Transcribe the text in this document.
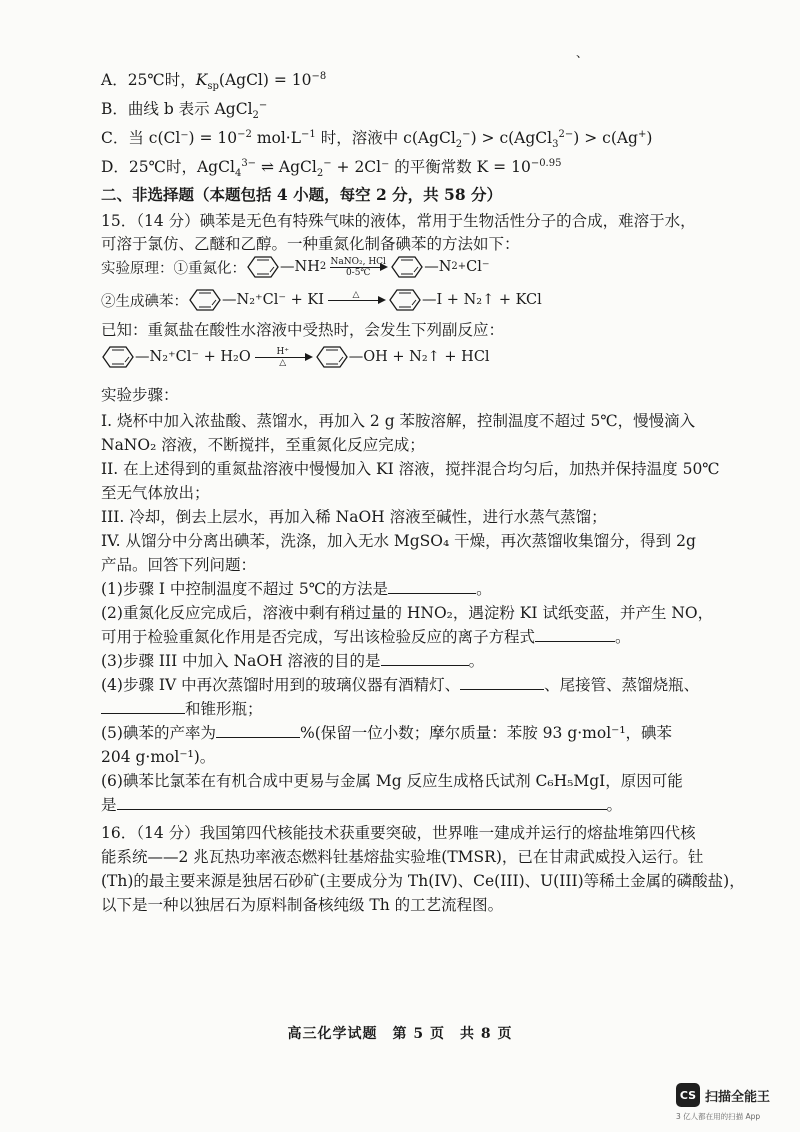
、
A．25℃时，$K_{sp}(AgCl) = 10^{-8}$
B．曲线 b 表示 AgCl$_2$−
C．当 $c(Cl^-) = 10^{-2}$ $mol\cdot L^{-1}$ 时，溶液中 c(AgCl$_2$−) > c(AgCl$_3^{2-}$) > c(Ag+)
D．25℃时，AgCl$_4^{3-}$ ⇌ AgCl$_2$− + 2Cl⁻ 的平衡常数 $K = 10^{-0.95}$
二、非选择题（本题包括 4 小题，每空 2 分，共 58 分）
15．（14 分）碘苯是无色有特殊气味的液体，常用于生物活性分子的合成，难溶于水，
可溶于氯仿、乙醚和乙醇。一种重氮化制备碘苯的方法如下：
实验原理：①重氮化： —NH 2 NaNO₂, HCl
0-5℃	—N 2 + Cl⁻
②生成碘苯： —N₂⁺Cl⁻ + KI	△
	—I + N₂↑ + KCl
已知：重氮盐在酸性水溶液中受热时，会发生下列副反应：
—N₂⁺Cl⁻ + H₂O	H⁺
△	—OH + N₂↑ + HCl
实验步骤：
I. 烧杯中加入浓盐酸、蒸馏水，再加入 2 g 苯胺溶解，控制温度不超过 5℃，慢慢滴入
NaNO₂ 溶液，不断搅拌，至重氮化反应完成；
II. 在上述得到的重氮盐溶液中慢慢加入 KI 溶液，搅拌混合均匀后，加热并保持温度 50℃
至无气体放出；
III. 冷却，倒去上层水，再加入稀 NaOH 溶液至碱性，进行水蒸气蒸馏；
IV. 从馏分中分离出碘苯，洗涤，加入无水 MgSO₄ 干燥，再次蒸馏收集馏分，得到 2g
产品。回答下列问题：
(1)步骤 I 中控制温度不超过 5℃的方法是	。
(2)重氮化反应完成后，溶液中剩有稍过量的 HNO₂，遇淀粉 KI 试纸变蓝，并产生 NO，
可用于检验重氮化作用是否完成，写出该检验反应的离子方程式	。
(3)步骤 III 中加入 NaOH 溶液的目的是	。
(4)步骤 IV 中再次蒸馏时用到的玻璃仪器有酒精灯、	、尾接管、蒸馏烧瓶、
和锥形瓶；
(5)碘苯的产率为	%(保留一位小数；摩尔质量：苯胺 93 g·mol⁻¹，碘苯
204 g·mol⁻¹)。
(6)碘苯比氯苯在有机合成中更易与金属 Mg 反应生成格氏试剂 C₆H₅MgI，原因可能
是	。
16．（14 分）我国第四代核能技术获重要突破，世界唯一建成并运行的熔盐堆第四代核
能系统——2 兆瓦热功率液态燃料钍基熔盐实验堆(TMSR)，已在甘肃武威投入运行。钍
(Th)的最主要来源是独居石砂矿(主要成分为 Th(IV)、Ce(III)、U(III)等稀土金属的磷酸盐)，
以下是一种以独居石为原料制备核纯级 Th 的工艺流程图。
高三化学试题　第 5 页　共 8 页
CS 扫描全能王
3 亿人都在用的扫描 App
